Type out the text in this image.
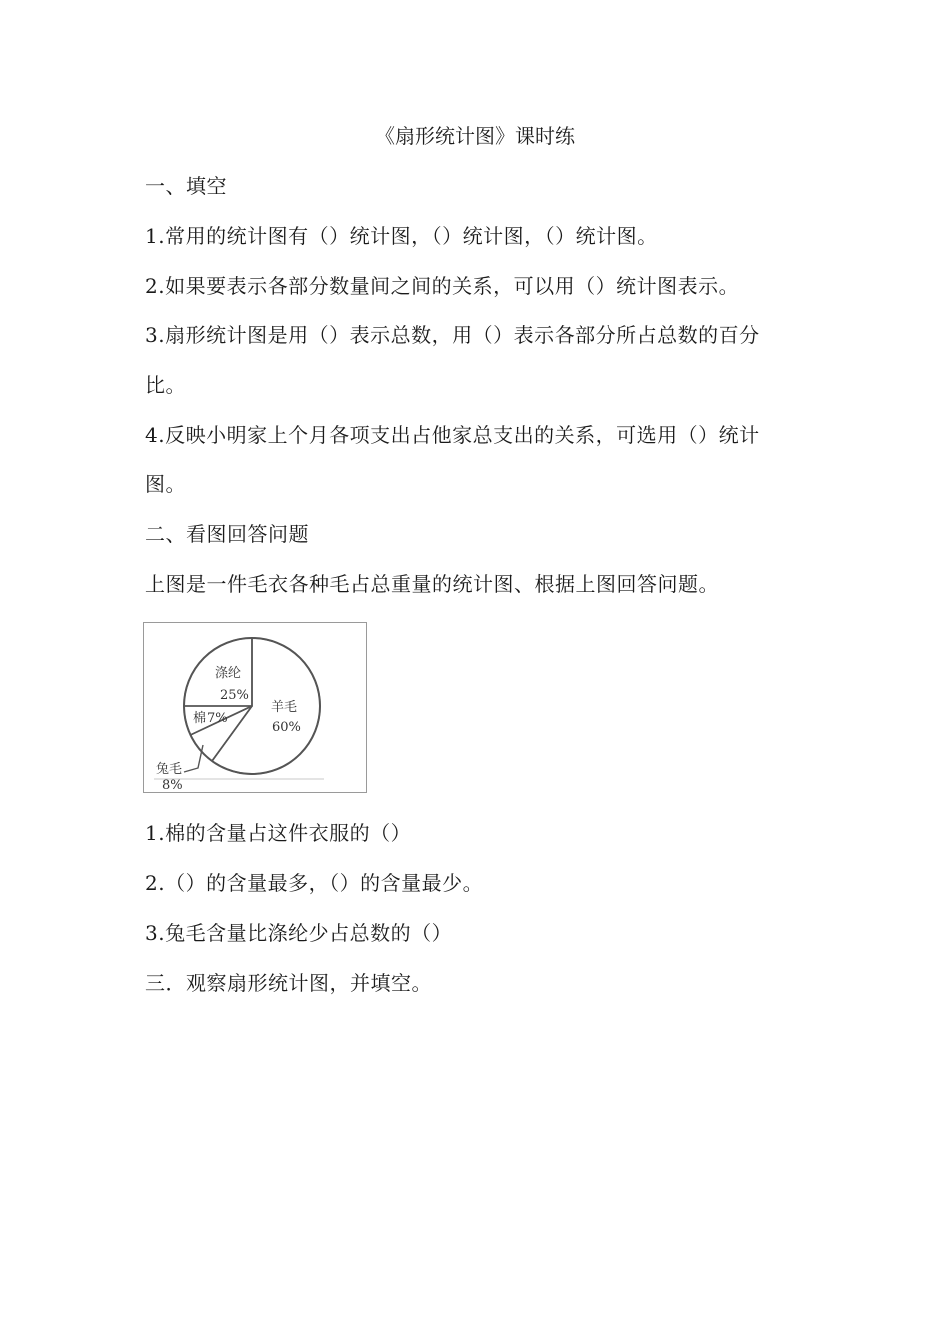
《扇形统计图》课时练
一、填空
1.常用的统计图有（）统计图，（）统计图，（）统计图。
2.如果要表示各部分数量间之间的关系，可以用（）统计图表示。
3.扇形统计图是用（）表示总数，用（）表示各部分所占总数的百分
比。
4.反映小明家上个月各项支出占他家总支出的关系，可选用（）统计
图。
二、看图回答问题
上图是一件毛衣各种毛占总重量的统计图、根据上图回答问题。
涤纶
25%
羊毛
60%
棉 7%
兔毛
8%
1.棉的含量占这件衣服的（）
2.（）的含量最多，（）的含量最少。
3.兔毛含量比涤纶少占总数的（）
三．观察扇形统计图，并填空。
